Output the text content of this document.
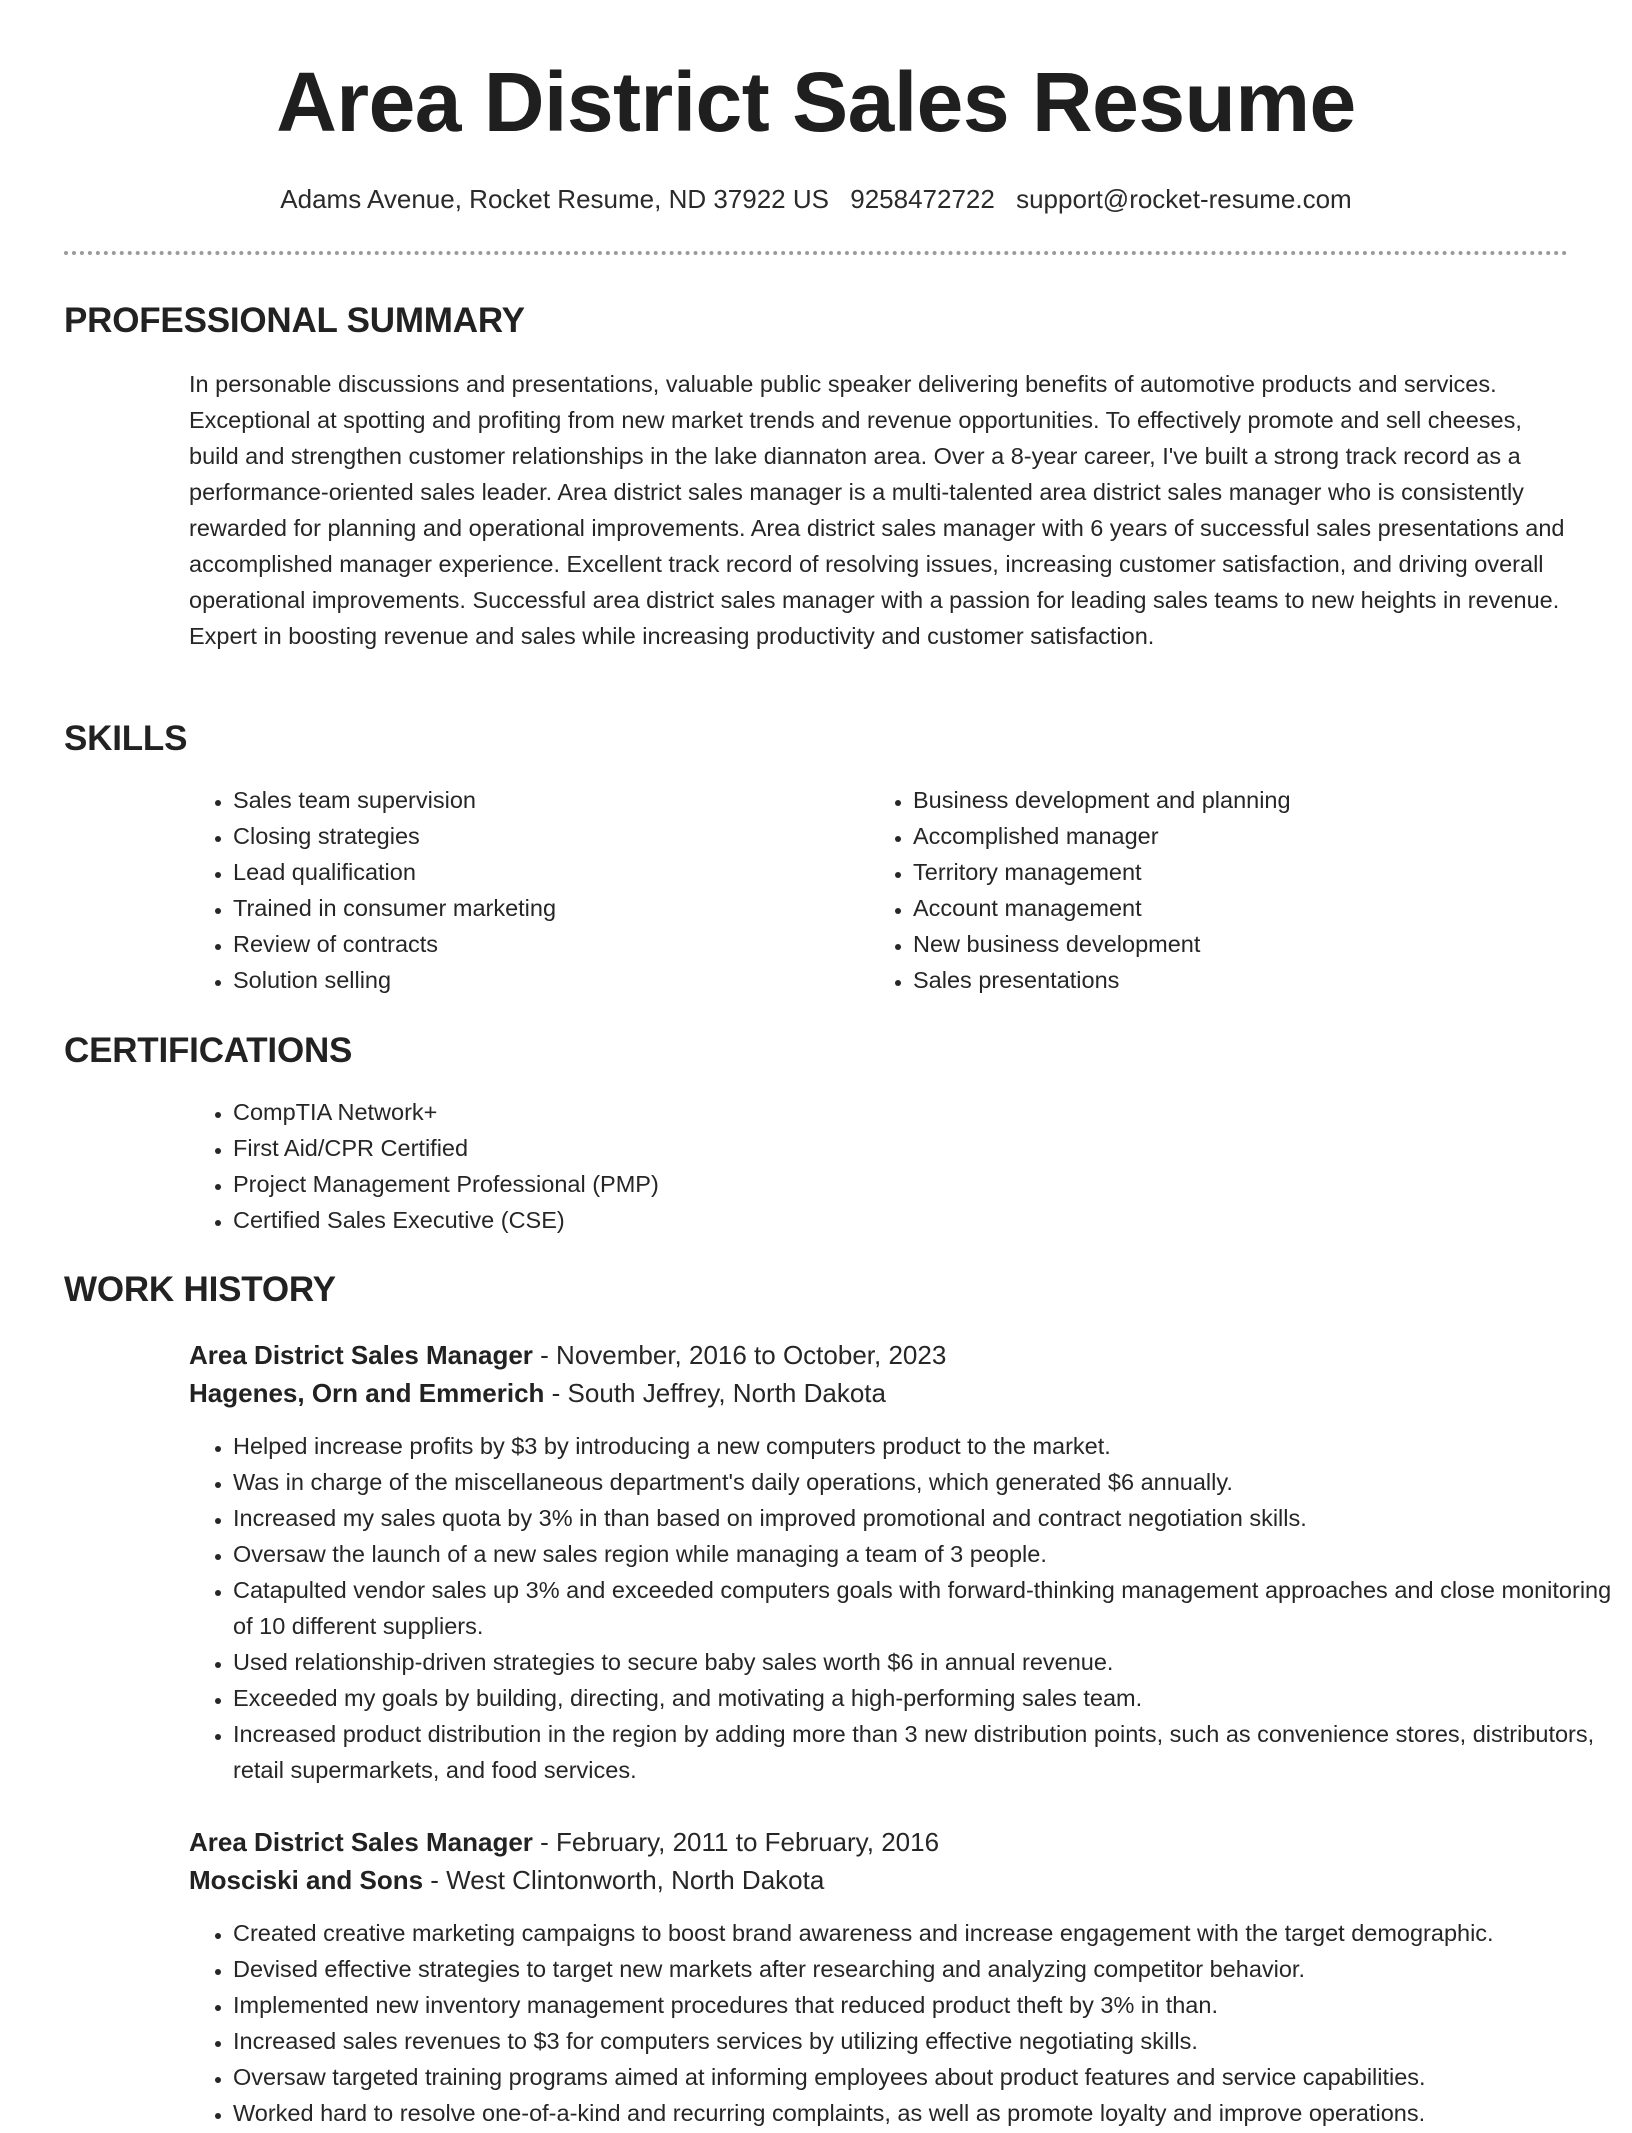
Area District Sales Resume
Adams Avenue, Rocket Resume, ND 37922 US 9258472722 support@rocket-resume.com
PROFESSIONAL SUMMARY

In personable discussions and presentations, valuable public speaker delivering benefits of automotive products and services. Exceptional at spotting and profiting from new market trends and revenue opportunities. To effectively promote and sell cheeses, build and strengthen customer relationships in the lake diannaton area. Over a 8-year career, I've built a strong track record as a performance-oriented sales leader. Area district sales manager is a multi-talented area district sales manager who is consistently rewarded for planning and operational improvements. Area district sales manager with 6 years of successful sales presentations and accomplished manager experience. Excellent track record of resolving issues, increasing customer satisfaction, and driving overall operational improvements. Successful area district sales manager with a passion for leading sales teams to new heights in revenue. Expert in boosting revenue and sales while increasing productivity and customer satisfaction.

SKILLS
• Sales team supervision
• Closing strategies
• Lead qualification
• Trained in consumer marketing
• Review of contracts
• Solution selling
• Business development and planning
• Accomplished manager
• Territory management
• Account management
• New business development
• Sales presentations
CERTIFICATIONS
• CompTIA Network+
• First Aid/CPR Certified
• Project Management Professional (PMP)
• Certified Sales Executive (CSE)
WORK HISTORY
Area District Sales Manager - November, 2016 to October, 2023
Hagenes, Orn and Emmerich - South Jeffrey, North Dakota
• Helped increase profits by $3 by introducing a new computers product to the market.
• Was in charge of the miscellaneous department's daily operations, which generated $6 annually.
• Increased my sales quota by 3% in than based on improved promotional and contract negotiation skills.
• Oversaw the launch of a new sales region while managing a team of 3 people.
• Catapulted vendor sales up 3% and exceeded computers goals with forward-thinking management approaches and close monitoring of 10 different suppliers.
• Used relationship-driven strategies to secure baby sales worth $6 in annual revenue.
• Exceeded my goals by building, directing, and motivating a high-performing sales team.
• Increased product distribution in the region by adding more than 3 new distribution points, such as convenience stores, distributors, retail supermarkets, and food services.
Area District Sales Manager - February, 2011 to February, 2016
Mosciski and Sons - West Clintonworth, North Dakota
• Created creative marketing campaigns to boost brand awareness and increase engagement with the target demographic.
• Devised effective strategies to target new markets after researching and analyzing competitor behavior.
• Implemented new inventory management procedures that reduced product theft by 3% in than.
• Increased sales revenues to $3 for computers services by utilizing effective negotiating skills.
• Oversaw targeted training programs aimed at informing employees about product features and service capabilities.
• Worked hard to resolve one-of-a-kind and recurring complaints, as well as promote loyalty and improve operations.
